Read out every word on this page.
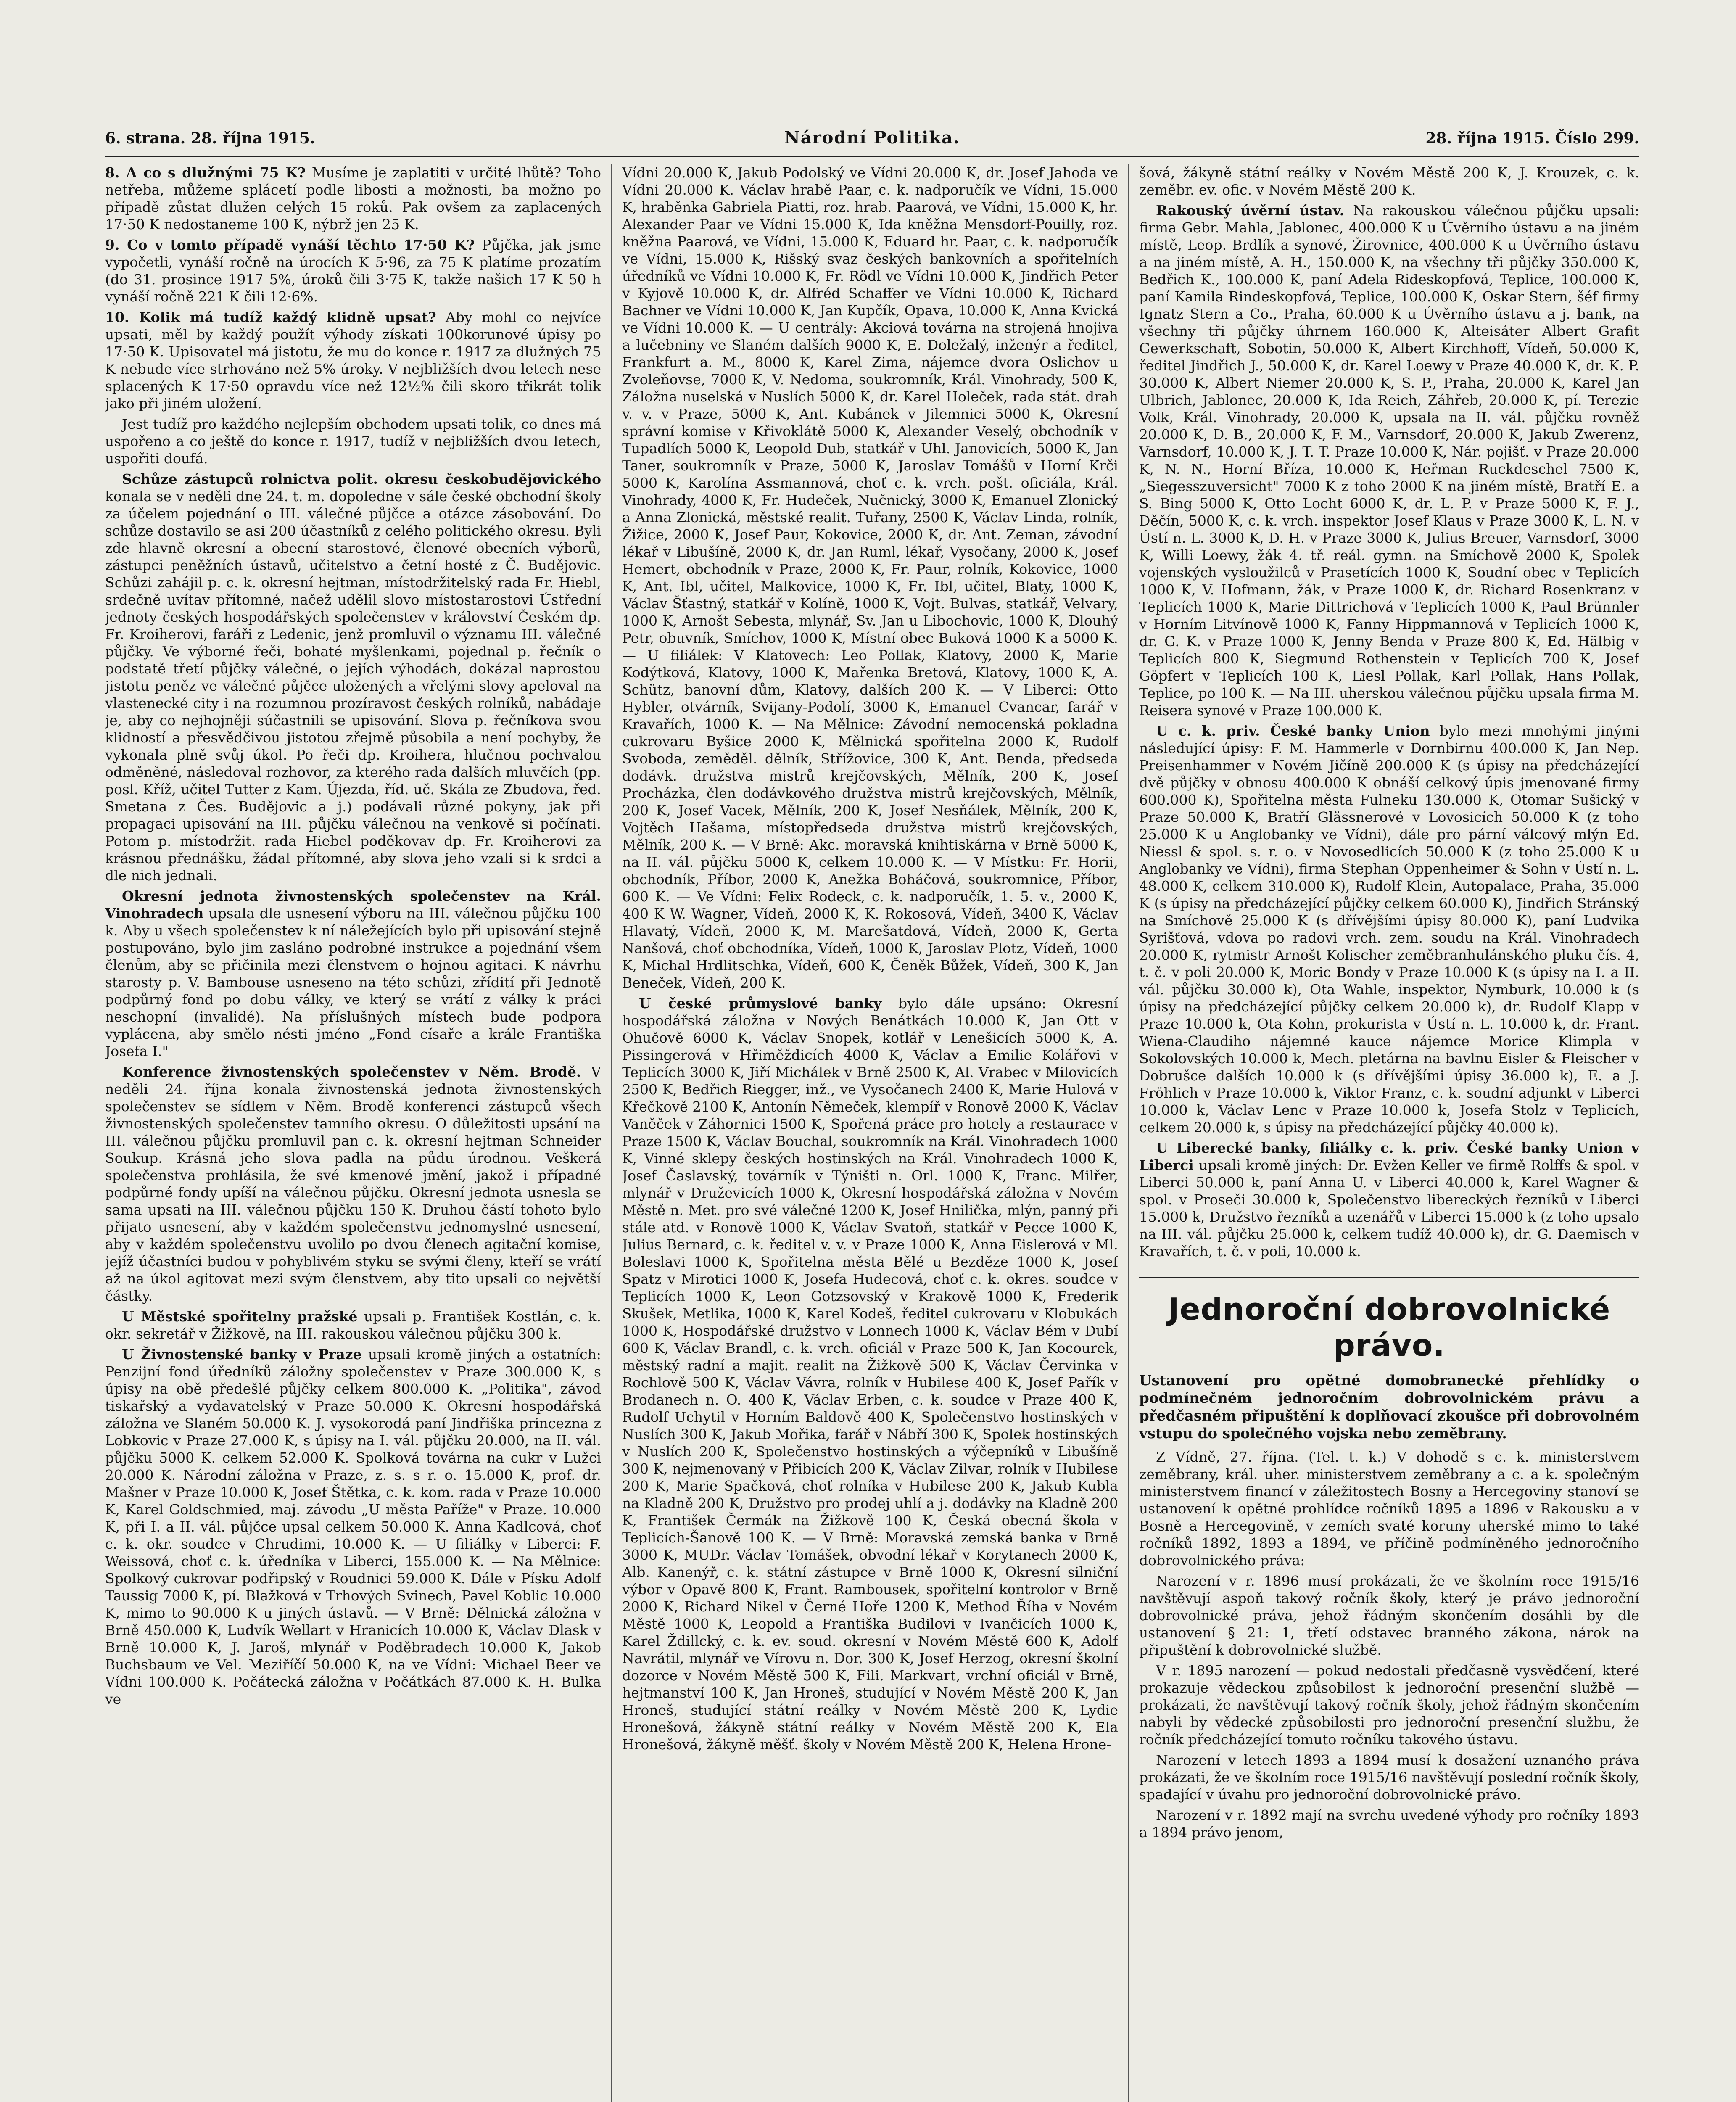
6. strana. 28. října 1915.	Národní Politika.	28. října 1915. Číslo 299.

8. A co s dlužnými 75 K? Musíme je zaplatiti v určité lhůtě? Toho netřeba, můžeme splácetí podle libosti a možnosti, ba možno po případě zůstat dlužen celých 15 roků. Pak ovšem za zaplacených 17·50 K nedostaneme 100 K, nýbrž jen 25 K.

9. Co v tomto případě vynáší těchto 17·50 K? Půjčka, jak jsme vypočetli, vynáší ročně na úrocích K 5·96, za 75 K platíme prozatím (do 31. prosince 1917 5%, úroků čili 3·75 K, takže našich 17 K 50 h vynáší ročně 221 K čili 12·6%.

10. Kolik má tudíž každý klidně upsat? Aby mohl co nejvíce upsati, měl by každý použít výhody získati 100korunové úpisy po 17·50 K. Upisovatel má jistotu, že mu do konce r. 1917 za dlužných 75 K nebude více strhováno než 5% úroky. V nejbližších dvou letech nese splacených K 17·50 opravdu více než 12½% čili skoro třikrát tolik jako při jiném uložení.

Jest tudíž pro každého nejlepším obchodem upsati tolik, co dnes má uspořeno a co ještě do konce r. 1917, tudíž v nejbližších dvou letech, uspořiti doufá.

Schůze zástupců rolnictva polit. okresu českobudějovického konala se v neděli dne 24. t. m. dopoledne v sále české obchodní školy za účelem pojednání o III. válečné půjčce a otázce zásobování. Do schůze dostavilo se asi 200 účastníků z celého politického okresu. Byli zde hlavně okresní a obecní starostové, členové obecních výborů, zástupci peněžních ústavů, učitelstvo a četní hosté z Č. Budějovic. Schůzi zahájil p. c. k. okresní hejtman, místodržitelský rada Fr. Hiebl, srdečně uvítav přítomné, načež udělil slovo místostarostovi Ústřední jednoty českých hospodářských společenstev v království Českém dp. Fr. Kroiherovi, faráři z Ledenic, jenž promluvil o významu III. válečné půjčky. Ve výborné řeči, bohaté myšlenkami, pojednal p. řečník o podstatě třetí půjčky válečné, o jejích výhodách, dokázal naprostou jistotu peněz ve válečné půjčce uložených a vřelými slovy apeloval na vlastenecké city i na rozumnou prozíravost českých rolníků, nabádaje je, aby co nejhojněji súčastnili se upisování. Slova p. řečníkova svou klidností a přesvědčivou jistotou zřejmě působila a není pochyby, že vykonala plně svůj úkol. Po řeči dp. Kroihera, hlučnou pochvalou odměněné, následoval rozhovor, za kterého rada dalších mluvčích (pp. posl. Kříž, učitel Tutter z Kam. Újezda, říd. uč. Skála ze Zbudova, řed. Smetana z Čes. Budějovic a j.) podávali různé pokyny, jak při propagaci upisování na III. půjčku válečnou na venkově si počínati. Potom p. místodržit. rada Hiebel poděkovav dp. Fr. Kroiherovi za krásnou přednášku, žádal přítomné, aby slova jeho vzali si k srdci a dle nich jednali.

Okresní jednota živnostenských společenstev na Král. Vinohradech upsala dle usnesení výboru na III. válečnou půjčku 100 k. Aby u všech společenstev k ní náležejících bylo při upisování stejně postupováno, bylo jim zasláno podrobné instrukce a pojednání všem členům, aby se přičinila mezi členstvem o hojnou agitaci. K návrhu starosty p. V. Bambouse usneseno na této schůzi, zřídití při Jednotě podpůrný fond po dobu války, ve který se vrátí z války k práci neschopní (invalidé). Na příslušných místech bude podpora vyplácena, aby smělo nésti jméno „Fond císaře a krále Františka Josefa I."

Konference živnostenských společenstev v Něm. Brodě. V neděli 24. října konala živnostenská jednota živnostenských společenstev se sídlem v Něm. Brodě konferenci zástupců všech živnostenských společenstev tamního okresu. O důležitosti upsání na III. válečnou půjčku promluvil pan c. k. okresní hejtman Schneider Soukup. Krásná jeho slova padla na půdu úrodnou. Veškerá společenstva prohlásila, že své kmenové jmění, jakož i případné podpůrné fondy upíší na válečnou půjčku. Okresní jednota usnesla se sama upsati na III. válečnou půjčku 150 K. Druhou částí tohoto bylo přijato usnesení, aby v každém společenstvu jednomyslné usnesení, aby v každém společenstvu uvolilo po dvou členech agitační komise, jejíž účastníci budou v pohyblivém styku se svými členy, kteří se vrátí až na úkol agitovat mezi svým členstvem, aby tito upsali co největší částky.

U Městské spořitelny pražské upsali p. František Kostlán, c. k. okr. sekretář v Žižkově, na III. rakouskou válečnou půjčku 300 k.

U Živnostenské banky v Praze upsali kromě jiných a ostatních: Penzijní fond úředníků záložny společenstev v Praze 300.000 K, s úpisy na obě předešlé půjčky celkem 800.000 K. „Politika", závod tiskařský a vydavatelský v Praze 50.000 K. Okresní hospodářská záložna ve Slaném 50.000 K. J. vysokorodá paní Jindřiška princezna z Lobkovic v Praze 27.000 K, s úpisy na I. vál. půjčku 20.000, na II. vál. půjčku 5000 K. celkem 52.000 K. Spolková továrna na cukr v Lužci 20.000 K. Národní záložna v Praze, z. s. s r. o. 15.000 K, prof. dr. Mašner v Praze 10.000 K, Josef Štětka, c. k. kom. rada v Praze 10.000 K, Karel Goldschmied, maj. závodu „U města Paříže" v Praze. 10.000 K, při I. a II. vál. půjčce upsal celkem 50.000 K. Anna Kadlcová, choť c. k. okr. soudce v Chrudimi, 10.000 K. — U filiálky v Liberci: F. Weissová, choť c. k. úředníka v Liberci, 155.000 K. — Na Mělnice: Spolkový cukrovar podřipský v Roudnici 59.000 K. Dále v Písku Adolf Taussig 7000 K, pí. Blažková v Trhových Svinech, Pavel Koblic 10.000 K, mimo to 90.000 K u jiných ústavů. — V Brně: Dělnická záložna v Brně 450.000 K, Ludvík Wellart v Hranicích 10.000 K, Václav Dlask v Brně 10.000 K, J. Jaroš, mlynář v Poděbradech 10.000 K, Jakob Buchsbaum ve Vel. Meziříčí 50.000 K, na ve Vídni: Michael Beer ve Vídni 100.000 K. Počátecká záložna v Počátkách 87.000 K. H. Bulka ve

Vídni 20.000 K, Jakub Podolský ve Vídni 20.000 K, dr. Josef Jahoda ve Vídni 20.000 K. Václav hrabě Paar, c. k. nadporučík ve Vídni, 15.000 K, hraběnka Gabriela Piatti, roz. hrab. Paarová, ve Vídni, 15.000 K, hr. Alexander Paar ve Vídni 15.000 K, Ida kněžna Mensdorf-Pouilly, roz. kněžna Paarová, ve Vídni, 15.000 K, Eduard hr. Paar, c. k. nadporučík ve Vídni, 15.000 K, Rišský svaz českých bankovních a spořitelních úředníků ve Vídni 10.000 K, Fr. Rödl ve Vídni 10.000 K, Jindřich Peter v Kyjově 10.000 K, dr. Alfréd Schaffer ve Vídni 10.000 K, Richard Bachner ve Vídni 10.000 K, Jan Kupčík, Opava, 10.000 K, Anna Kvická ve Vídni 10.000 K. — U centrály: Akciová továrna na strojená hnojiva a lučebniny ve Slaném dalších 9000 K, E. Doležalý, inženýr a ředitel, Frankfurt a. M., 8000 K, Karel Zima, nájemce dvora Oslichov u Zvoleňovse, 7000 K, V. Nedoma, soukromník, Král. Vinohrady, 500 K, Záložna nuselská v Nuslích 5000 K, dr. Karel Holeček, rada stát. drah v. v. v Praze, 5000 K, Ant. Kubánek v Jilemnici 5000 K, Okresní správní komise v Křivoklátě 5000 K, Alexander Veselý, obchodník v Tupadlích 5000 K, Leopold Dub, statkář v Uhl. Janovicích, 5000 K, Jan Taner, soukromník v Praze, 5000 K, Jaroslav Tomášů v Horní Krči 5000 K, Karolína Assmannová, choť c. k. vrch. pošt. oficiála, Král. Vinohrady, 4000 K, Fr. Hudeček, Nučnický, 3000 K, Emanuel Zlonický a Anna Zlonická, městské realit. Tuřany, 2500 K, Václav Linda, rolník, Žižice, 2000 K, Josef Paur, Kokovice, 2000 K, dr. Ant. Zeman, závodní lékař v Libušíně, 2000 K, dr. Jan Ruml, lékař, Vysočany, 2000 K, Josef Hemert, obchodník v Praze, 2000 K, Fr. Paur, rolník, Kokovice, 1000 K, Ant. Ibl, učitel, Malkovice, 1000 K, Fr. Ibl, učitel, Blaty, 1000 K, Václav Šťastný, statkář v Kolíně, 1000 K, Vojt. Bulvas, statkář, Velvary, 1000 K, Arnošt Sebesta, mlynář, Sv. Jan u Libochovic, 1000 K, Dlouhý Petr, obuvník, Smíchov, 1000 K, Místní obec Buková 1000 K a 5000 K. — U filiálek: V Klatovech: Leo Pollak, Klatovy, 2000 K, Marie Kodýtková, Klatovy, 1000 K, Mařenka Bretová, Klatovy, 1000 K, A. Schütz, banovní dům, Klatovy, dalších 200 K. — V Liberci: Otto Hybler, otvárník, Svijany-Podolí, 3000 K, Emanuel Cvancar, farář v Kravařích, 1000 K. — Na Mělnice: Závodní nemocenská pokladna cukrovaru Byšice 2000 K, Mělnická spořitelna 2000 K, Rudolf Svoboda, zeměděl. dělník, Střížovice, 300 K, Ant. Benda, předseda dodávk. družstva mistrů krejčovských, Mělník, 200 K, Josef Procházka, člen dodávkového družstva mistrů krejčovských, Mělník, 200 K, Josef Vacek, Mělník, 200 K, Josef Nesňálek, Mělník, 200 K, Vojtěch Hašama, místopředseda družstva mistrů krejčovských, Mělník, 200 K. — V Brně: Akc. moravská knihtiskárna v Brně 5000 K, na II. vál. půjčku 5000 K, celkem 10.000 K. — V Místku: Fr. Horii, obchodník, Příbor, 2000 K, Anežka Boháčová, soukromnice, Příbor, 600 K. — Ve Vídni: Felix Rodeck, c. k. nadporučík, 1. 5. v., 2000 K, 400 K W. Wagner, Vídeň, 2000 K, K. Rokosová, Vídeň, 3400 K, Václav Hlavatý, Vídeň, 2000 K, M. Marešatdová, Vídeň, 2000 K, Gerta Nanšová, choť obchodníka, Vídeň, 1000 K, Jaroslav Plotz, Vídeň, 1000 K, Michal Hrdlitschka, Vídeň, 600 K, Čeněk Bůžek, Vídeň, 300 K, Jan Beneček, Vídeň, 200 K.

U české průmyslové banky bylo dále upsáno: Okresní hospodářská záložna v Nových Benátkách 10.000 K, Jan Ott v Ohučově 6000 K, Václav Snopek, kotlář v Lenešicích 5000 K, A. Pissingerová v Hřiměždicích 4000 K, Václav a Emilie Kolářovi v Teplicích 3000 K, Jiří Michálek v Brně 2500 K, Al. Vrabec v Milovicích 2500 K, Bedřich Riegger, inž., ve Vysočanech 2400 K, Marie Hulová v Křečkově 2100 K, Antonín Němeček, klempíř v Ronově 2000 K, Václav Vaněček v Záhornici 1500 K, Spořená práce pro hotely a restaurace v Praze 1500 K, Václav Bouchal, soukromník na Král. Vinohradech 1000 K, Vinné sklepy českých hostinských na Král. Vinohradech 1000 K, Josef Časlavský, továrník v Týništi n. Orl. 1000 K, Franc. Milřer, mlynář v Druževicích 1000 K, Okresní hospodářská záložna v Novém Městě n. Met. pro své válečné 1200 K, Josef Hnilička, mlýn, panný při stále atd. v Ronově 1000 K, Václav Svatoň, statkář v Pecce 1000 K, Julius Bernard, c. k. ředitel v. v. v Praze 1000 K, Anna Eislerová v Ml. Boleslavi 1000 K, Spořitelna města Bělé u Bezděze 1000 K, Josef Spatz v Mirotici 1000 K, Josefa Hudecová, choť c. k. okres. soudce v Teplicích 1000 K, Leon Gotzsovský v Krakově 1000 K, Frederik Skušek, Metlika, 1000 K, Karel Kodeš, ředitel cukrovaru v Klobukách 1000 K, Hospodářské družstvo v Lonnech 1000 K, Václav Bém v Dubí 600 K, Václav Brandl, c. k. vrch. oficiál v Praze 500 K, Jan Kocourek, městský radní a majit. realit na Žižkově 500 K, Václav Červinka v Rochlově 500 K, Václav Vávra, rolník v Hubilese 400 K, Josef Pařík v Brodanech n. O. 400 K, Václav Erben, c. k. soudce v Praze 400 K, Rudolf Uchytil v Horním Baldově 400 K, Společenstvo hostinských v Nuslích 300 K, Jakub Mořika, farář v Nábří 300 K, Spolek hostinských v Nuslích 200 K, Společenstvo hostinských a výčepníků v Libušíně 300 K, nejmenovaný v Přibicích 200 K, Václav Zilvar, rolník v Hubilese 200 K, Marie Spačková, choť rolníka v Hubilese 200 K, Jakub Kubla na Kladně 200 K, Družstvo pro prodej uhlí a j. dodávky na Kladně 200 K, František Čermák na Žižkově 100 K, Česká obecná škola v Teplicích-Šanově 100 K. — V Brně: Moravská zemská banka v Brně 3000 K, MUDr. Václav Tomášek, obvodní lékař v Korytanech 2000 K, Alb. Kanenýř, c. k. státní zástupce v Brně 1000 K, Okresní silniční výbor v Opavě 800 K, Frant. Rambousek, spořitelní kontrolor v Brně 2000 K, Richard Nikel v Černé Hoře 1200 K, Method Říha v Novém Městě 1000 K, Leopold a Františka Budilovi v Ivančicích 1000 K, Karel Ždillcký, c. k. ev. soud. okresní v Novém Městě 600 K, Adolf Navrátil, mlynář ve Vírovu n. Dor. 300 K, Josef Herzog, okresní školní dozorce v Novém Městě 500 K, Fili. Markvart, vrchní oficiál v Brně, hejtmanství 100 K, Jan Hroneš, studující v Novém Městě 200 K, Jan Hroneš, studující státní reálky v Novém Městě 200 K, Lydie Hronešová, žákyně státní reálky v Novém Městě 200 K, Ela Hronešová, žákyně měšť. školy v Novém Městě 200 K, Helena Hrone-

šová, žákyně státní reálky v Novém Městě 200 K, J. Krouzek, c. k. zeměbr. ev. ofic. v Novém Městě 200 K.

Rakouský úvěrní ústav. Na rakouskou válečnou půjčku upsali: firma Gebr. Mahla, Jablonec, 400.000 K u Úvěrního ústavu a na jiném místě, Leop. Brdlík a synové, Žirovnice, 400.000 K u Úvěrního ústavu a na jiném místě, A. H., 150.000 K, na všechny tři půjčky 350.000 K, Bedřich K., 100.000 K, paní Adela Rideskopfová, Teplice, 100.000 K, paní Kamila Rindeskopfová, Teplice, 100.000 K, Oskar Stern, šéf firmy Ignatz Stern a Co., Praha, 60.000 K u Úvěrního ústavu a j. bank, na všechny tři půjčky úhrnem 160.000 K, Alteisáter Albert Grafit Gewerkschaft, Sobotin, 50.000 K, Albert Kirchhoff, Vídeň, 50.000 K, ředitel Jindřich J., 50.000 K, dr. Karel Loewy v Praze 40.000 K, dr. K. P. 30.000 K, Albert Niemer 20.000 K, S. P., Praha, 20.000 K, Karel Jan Ulbrich, Jablonec, 20.000 K, Ida Reich, Záhřeb, 20.000 K, pí. Terezie Volk, Král. Vinohrady, 20.000 K, upsala na II. vál. půjčku rovněž 20.000 K, D. B., 20.000 K, F. M., Varnsdorf, 20.000 K, Jakub Zwerenz, Varnsdorf, 10.000 K, J. T. T. Praze 10.000 K, Nár. pojišť. v Praze 20.000 K, N. N., Horní Bříza, 10.000 K, Heřman Ruckdeschel 7500 K, „Siegesszuversicht" 7000 K z toho 2000 K na jiném místě, Bratří E. a S. Bing 5000 K, Otto Locht 6000 K, dr. L. P. v Praze 5000 K, F. J., Děčín, 5000 K, c. k. vrch. inspektor Josef Klaus v Praze 3000 K, L. N. v Ústí n. L. 3000 K, D. H. v Praze 3000 K, Julius Breuer, Varnsdorf, 3000 K, Willi Loewy, žák 4. tř. reál. gymn. na Smíchově 2000 K, Spolek vojenských vysloužilců v Prasetících 1000 K, Soudní obec v Teplicích 1000 K, V. Hofmann, žák, v Praze 1000 K, dr. Richard Rosenkranz v Teplicích 1000 K, Marie Dittrichová v Teplicích 1000 K, Paul Brünnler v Horním Litvínově 1000 K, Fanny Hippmannová v Teplicích 1000 K, dr. G. K. v Praze 1000 K, Jenny Benda v Praze 800 K, Ed. Hälbig v Teplicích 800 K, Siegmund Rothenstein v Teplicích 700 K, Josef Göpfert v Teplicích 100 K, Liesl Pollak, Karl Pollak, Hans Pollak, Teplice, po 100 K. — Na III. uherskou válečnou půjčku upsala firma M. Reisera synové v Praze 100.000 K.

U c. k. priv. České banky Union bylo mezi mnohými jinými následující úpisy: F. M. Hammerle v Dornbirnu 400.000 K, Jan Nep. Preisenhammer v Novém Jičíně 200.000 K (s úpisy na předcházející dvě půjčky v obnosu 400.000 K obnáší celkový úpis jmenované firmy 600.000 K), Spořitelna města Fulneku 130.000 K, Otomar Sušický v Praze 50.000 K, Bratří Glässnerové v Lovosicích 50.000 K (z toho 25.000 K u Anglobanky ve Vídni), dále pro pární válcový mlýn Ed. Niessl & spol. s. r. o. v Novosedlicích 50.000 K (z toho 25.000 K u Anglobanky ve Vídni), firma Stephan Oppenheimer & Sohn v Ústí n. L. 48.000 K, celkem 310.000 K), Rudolf Klein, Autopalace, Praha, 35.000 K (s úpisy na předcházející půjčky celkem 60.000 K), Jindřich Stránský na Smíchově 25.000 K (s dřívějšími úpisy 80.000 K), paní Ludvika Syrišťová, vdova po radovi vrch. zem. soudu na Král. Vinohradech 20.000 K, rytmistr Arnošt Kolischer zeměbranhulánského pluku čís. 4, t. č. v poli 20.000 K, Moric Bondy v Praze 10.000 K (s úpisy na I. a II. vál. půjčku 30.000 k), Ota Wahle, inspektor, Nymburk, 10.000 k (s úpisy na předcházející půjčky celkem 20.000 k), dr. Rudolf Klapp v Praze 10.000 k, Ota Kohn, prokurista v Ústí n. L. 10.000 k, dr. Frant. Wiena-Claudiho nájemné kauce nájemce Morice Klimpla v Sokolovských 10.000 k, Mech. pletárna na bavlnu Eisler & Fleischer v Dobrušce dalších 10.000 k (s dřívějšími úpisy 36.000 k), E. a J. Fröhlich v Praze 10.000 k, Viktor Franz, c. k. soudní adjunkt v Liberci 10.000 k, Václav Lenc v Praze 10.000 k, Josefa Stolz v Teplicích, celkem 20.000 k, s úpisy na předcházející půjčky 40.000 k).

U Liberecké banky, filiálky c. k. priv. České banky Union v Liberci upsali kromě jiných: Dr. Evžen Keller ve firmě Rolffs & spol. v Liberci 50.000 k, paní Anna U. v Liberci 40.000 k, Karel Wagner & spol. v Proseči 30.000 k, Společenstvo libereckých řezníků v Liberci 15.000 k, Družstvo řezníků a uzenářů v Liberci 15.000 k (z toho upsalo na III. vál. půjčku 25.000 k, celkem tudíž 40.000 k), dr. G. Daemisch v Kravařích, t. č. v poli, 10.000 k.

Jednoroční dobrovolnické právo.
Ustanovení pro opětné domobranecké přehlídky o podmínečném jednoročním dobrovolnickém právu a předčasném připuštění k doplňovací zkoušce při dobrovolném vstupu do společného vojska nebo zeměbrany.

Z Vídně, 27. října. (Tel. t. k.) V dohodě s c. k. ministerstvem zeměbrany, král. uher. ministerstvem zeměbrany a c. a k. společným ministerstvem financí v záležitostech Bosny a Hercegoviny stanoví se ustanovení k opětné prohlídce ročníků 1895 a 1896 v Rakousku a v Bosně a Hercegovině, v zemích svaté koruny uherské mimo to také ročníků 1892, 1893 a 1894, ve příčině podmíněného jednoročního dobrovolnického práva:

Narození v r. 1896 musí prokázati, že ve školním roce 1915/16 navštěvují aspoň takový ročník školy, který je právo jednoroční dobrovolnické práva, jehož řádným skončením dosáhli by dle ustanovení § 21: 1, třetí odstavec branného zákona, nárok na připuštění k dobrovolnické službě.

V r. 1895 narození — pokud nedostali předčasně vysvědčení, které prokazuje vědeckou způsobilost k jednoroční presenční službě — prokázati, že navštěvují takový ročník školy, jehož řádným skončením nabyli by vědecké způsobilosti pro jednoroční presenční službu, že ročník předcházející tomuto ročníku takového ústavu.

Narození v letech 1893 a 1894 musí k dosažení uznaného práva prokázati, že ve školním roce 1915/16 navštěvují poslední ročník školy, spadající v úvahu pro jednoroční dobrovolnické právo.

Narození v r. 1892 mají na svrchu uvedené výhody pro ročníky 1893 a 1894 právo jenom,
